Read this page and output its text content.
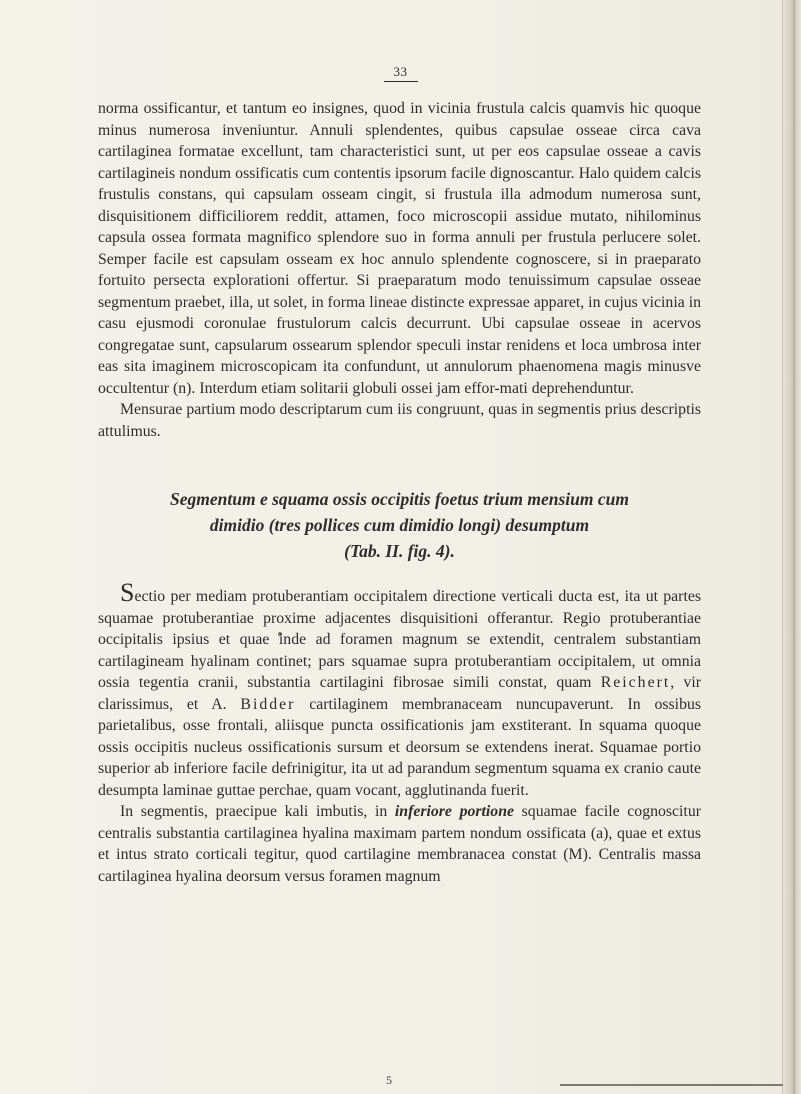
33

norma ossificantur, et tantum eo insignes, quod in vicinia frustula calcis quamvis hic quoque minus numerosa inveniuntur. Annuli splendentes, quibus capsulae osseae circa cava cartilaginea formatae excellunt, tam characteristici sunt, ut per eos capsulae osseae a cavis cartilagineis nondum ossificatis cum contentis ipsorum facile dignoscantur. Halo quidem calcis frustulis constans, qui capsulam osseam cingit, si frustula illa admodum numerosa sunt, disquisitionem difficiliorem reddit, attamen, foco microscopii assidue mutato, nihilominus capsula ossea formata magnifico splendore suo in forma annuli per frustula perlucere solet. Semper facile est capsulam osseam ex hoc annulo splendente cognoscere, si in praeparato fortuito persecta explorationi offertur. Si praeparatum modo tenuissimum capsulae osseae segmentum praebet, illa, ut solet, in forma lineae distincte expressae apparet, in cujus vicinia in casu ejusmodi coronulae frustulorum calcis decurrunt. Ubi capsulae osseae in acervos congregatae sunt, capsularum ossearum splendor speculi instar renidens et loca umbrosa inter eas sita imaginem microscopicam ita confundunt, ut annulorum phaenomena magis minusve occultentur (n). Interdum etiam solitarii globuli ossei jam effor-mati deprehenduntur.

Mensurae partium modo descriptarum cum iis congruunt, quas in segmentis prius descriptis attulimus.

Segmentum e squama ossis occipitis foetus trium mensium cum
dimidio (tres pollices cum dimidio longi) desumptum
(Tab. II. fig. 4).

Sectio per mediam protuberantiam occipitalem directione verticali ducta est, ita ut partes squamae protuberantiae proxime adjacentes disquisitioni offerantur. Regio protuberantiae occipitalis ipsius et quae inde ad foramen magnum se extendit, centralem substantiam cartilagineam hyalinam continet; pars squamae supra protuberantiam occipitalem, ut omnia ossia tegentia cranii, substantia cartilagini fibrosae simili constat, quam Reichert, vir clarissimus, et A. Bidder cartilaginem membranaceam nuncupaverunt. In ossibus parietalibus, osse frontali, aliisque puncta ossificationis jam exstiterant. In squama quoque ossis occipitis nucleus ossificationis sursum et deorsum se extendens inerat. Squamae portio superior ab inferiore facile defrinigitur, ita ut ad parandum segmentum squama ex cranio caute desumpta laminae guttae perchae, quam vocant, agglutinanda fuerit.

In segmentis, praecipue kali imbutis, in inferiore portione squamae facile cognoscitur centralis substantia cartilaginea hyalina maximam partem nondum ossificata (a), quae et extus et intus strato corticali tegitur, quod cartilagine membranacea constat (M). Centralis massa cartilaginea hyalina deorsum versus foramen magnum

5
